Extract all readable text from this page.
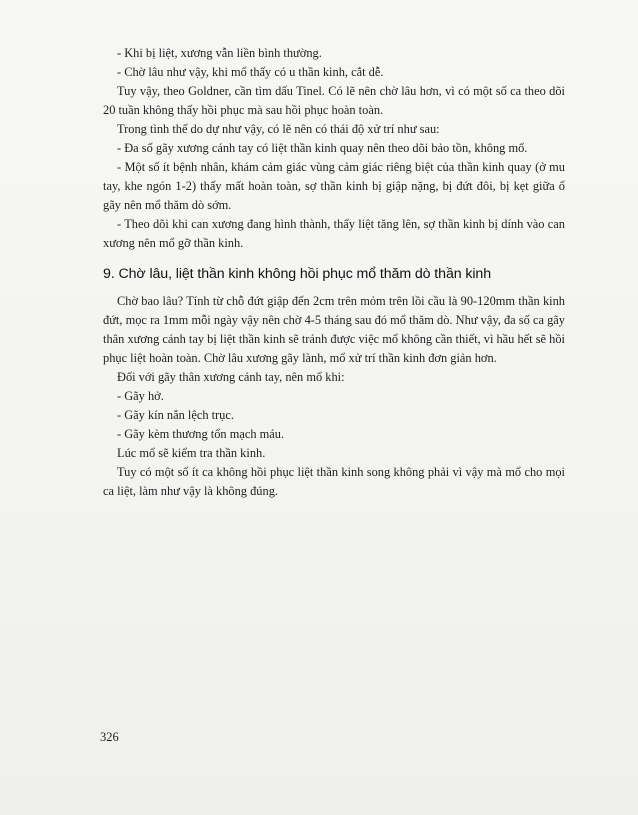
- Khi bị liệt, xương vẫn liền bình thường.

- Chờ lâu như vậy, khi mổ thấy có u thần kinh, cắt dễ.

Tuy vậy, theo Goldner, cần tìm dấu Tinel. Có lẽ nên chờ lâu hơn, vì có một số ca theo dõi 20 tuần không thấy hồi phục mà sau hồi phục hoàn toàn.

Trong tình thế do dự như vậy, có lẽ nên có thái độ xử trí như sau:

- Đa số gãy xương cánh tay có liệt thần kinh quay nên theo dõi bảo tồn, không mổ.

- Một số ít bệnh nhân, khám cảm giác vùng cảm giác riêng biệt của thần kinh quay (ở mu tay, khe ngón 1-2) thấy mất hoàn toàn, sợ thần kinh bị giập nặng, bị đứt đôi, bị kẹt giữa ổ gãy nên mổ thăm dò sớm.

- Theo dõi khi can xương đang hình thành, thấy liệt tăng lên, sợ thần kinh bị dính vào can xương nên mổ gỡ thần kinh.

9. Chờ lâu, liệt thần kinh không hồi phục mổ thăm dò thần kinh

Chờ bao lâu? Tính từ chỗ đứt giập đến 2cm trên mỏm trên lồi cầu là 90-120mm thần kinh đứt, mọc ra 1mm mỗi ngày vậy nên chờ 4-5 tháng sau đó mổ thăm dò. Như vậy, đa số ca gãy thân xương cánh tay bị liệt thần kinh sẽ tránh được việc mổ không cần thiết, vì hầu hết sẽ hồi phục liệt hoàn toàn. Chờ lâu xương gãy lành, mổ xử trí thần kinh đơn giản hơn.

Đối với gãy thân xương cánh tay, nên mổ khi:

- Gãy hở.

- Gãy kín nắn lệch trục.

- Gãy kèm thương tổn mạch máu.

Lúc mổ sẽ kiểm tra thần kinh.

Tuy có một số ít ca không hồi phục liệt thần kinh song không phải vì vậy mà mổ cho mọi ca liệt, làm như vậy là không đúng.

326
